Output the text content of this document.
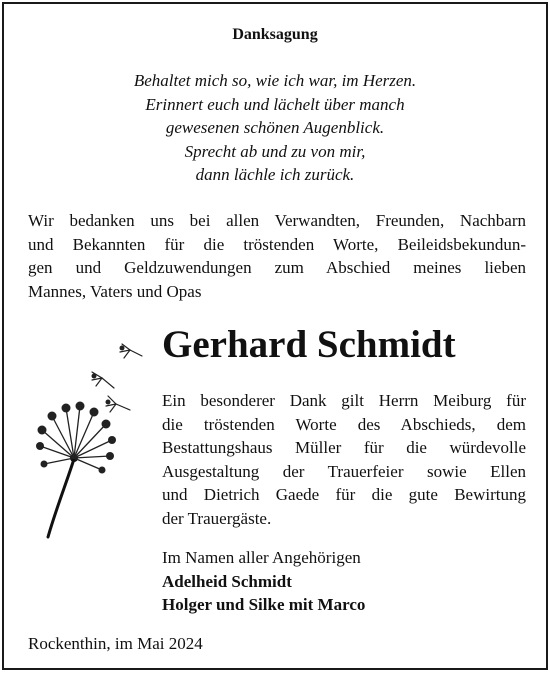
Danksagung
Behaltet mich so, wie ich war, im Herzen.
Erinnert euch und lächelt über manch
gewesenen schönen Augenblick.
Sprecht ab und zu von mir,
dann lächle ich zurück.
Wir bedanken uns bei allen Verwandten, Freunden, Nachbarn
und Bekannten für die tröstenden Worte, Beileidsbekundun-
gen und Geldzuwendungen zum Abschied meines lieben
Mannes, Vaters und Opas
Gerhard Schmidt
Ein besonderer Dank gilt Herrn Meiburg für
die tröstenden Worte des Abschieds, dem
Bestattungshaus Müller für die würdevolle
Ausgestaltung der Trauerfeier sowie Ellen
und Dietrich Gaede für die gute Bewirtung
der Trauergäste.
Im Namen aller Angehörigen
Adelheid Schmidt
Holger und Silke mit Marco
Rockenthin, im Mai 2024
